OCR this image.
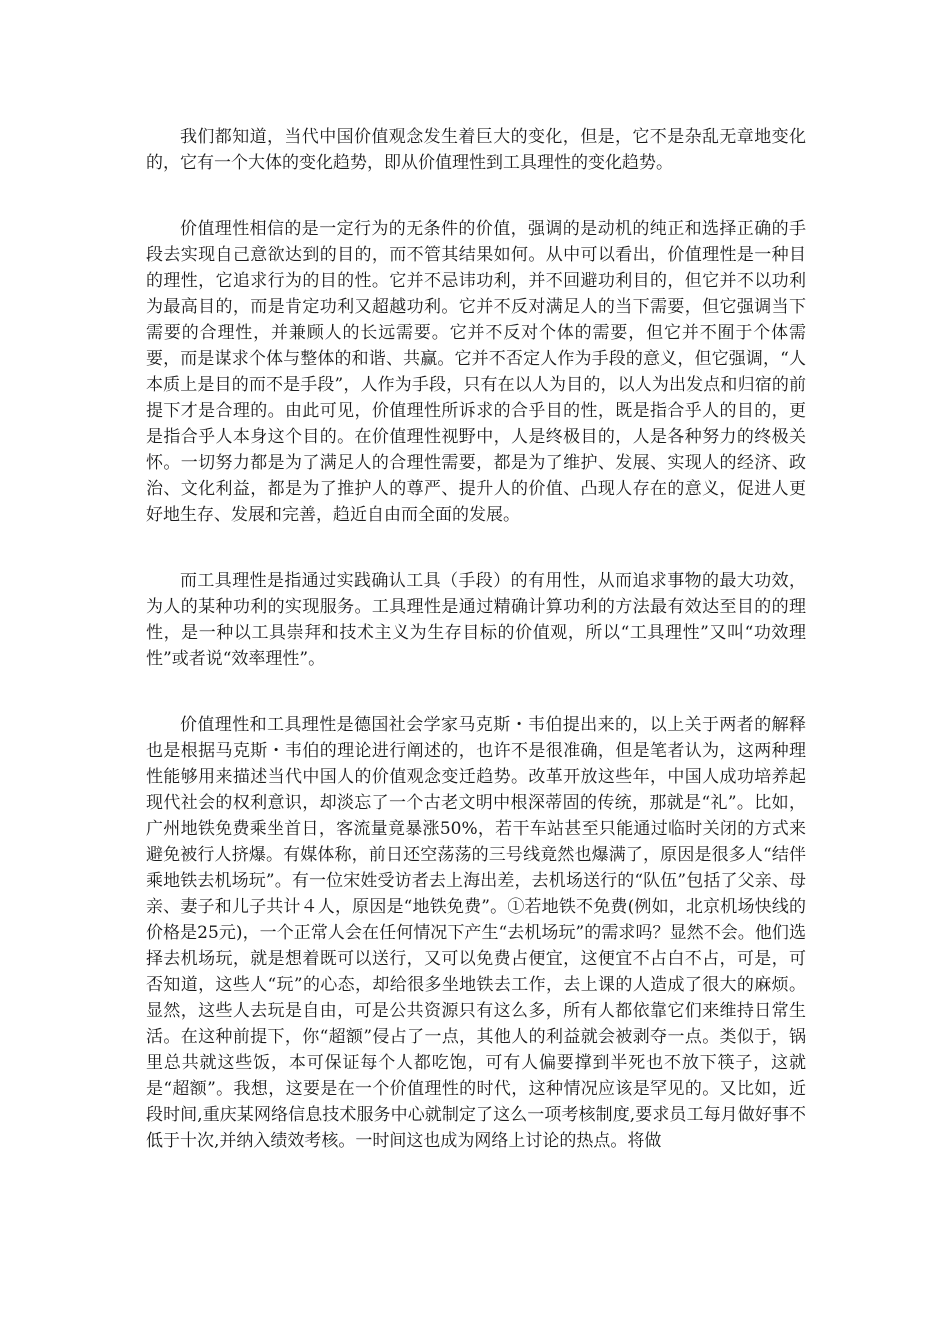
我们都知道，当代中国价值观念发生着巨大的变化，但是，它不是杂乱无章地变化的，它有一个大体的变化趋势，即从价值理性到工具理性的变化趋势。

价值理性相信的是一定行为的无条件的价值，强调的是动机的纯正和选择正确的手段去实现自己意欲达到的目的，而不管其结果如何。从中可以看出，价值理性是一种目的理性，它追求行为的目的性。它并不忌讳功利，并不回避功利目的，但它并不以功利为最高目的，而是肯定功利又超越功利。它并不反对满足人的当下需要，但它强调当下需要的合理性，并兼顾人的长远需要。它并不反对个体的需要，但它并不囿于个体需要，而是谋求个体与整体的和谐、共赢。它并不否定人作为手段的意义，但它强调，“人本质上是目的而不是手段”，人作为手段，只有在以人为目的，以人为出发点和归宿的前提下才是合理的。由此可见，价值理性所诉求的合乎目的性，既是指合乎人的目的，更是指合乎人本身这个目的。在价值理性视野中，人是终极目的，人是各种努力的终极关怀。一切努力都是为了满足人的合理性需要，都是为了维护、发展、实现人的经济、政治、文化利益，都是为了推护人的尊严、提升人的价值、凸现人存在的意义，促进人更好地生存、发展和完善，趋近自由而全面的发展。

而工具理性是指通过实践确认工具（手段）的有用性，从而追求事物的最大功效，为人的某种功利的实现服务。工具理性是通过精确计算功利的方法最有效达至目的的理性，是一种以工具崇拜和技术主义为生存目标的价值观，所以“工具理性”又叫“功效理性”或者说“效率理性”。

价值理性和工具理性是德国社会学家马克斯・韦伯提出来的，以上关于两者的解释也是根据马克斯・韦伯的理论进行阐述的，也许不是很准确，但是笔者认为，这两种理性能够用来描述当代中国人的价值观念变迁趋势。改革开放这些年，中国人成功培养起现代社会的权利意识，却淡忘了一个古老文明中根深蒂固的传统，那就是“礼”。比如，广州地铁免费乘坐首日，客流量竟暴涨50%，若干车站甚至只能通过临时关闭的方式来避免被行人挤爆。有媒体称，前日还空荡荡的三号线竟然也爆满了，原因是很多人“结伴乘地铁去机场玩”。有一位宋姓受访者去上海出差，去机场送行的“队伍”包括了父亲、母亲、妻子和儿子共计４人，原因是“地铁免费”。①若地铁不免费(例如，北京机场快线的价格是25元)，一个正常人会在任何情况下产生“去机场玩”的需求吗？显然不会。他们选择去机场玩，就是想着既可以送行，又可以免费占便宜，这便宜不占白不占，可是，可否知道，这些人“玩”的心态，却给很多坐地铁去工作，去上课的人造成了很大的麻烦。显然，这些人去玩是自由，可是公共资源只有这么多，所有人都依靠它们来维持日常生活。在这种前提下，你“超额”侵占了一点，其他人的利益就会被剥夺一点。类似于，锅里总共就这些饭，本可保证每个人都吃饱，可有人偏要撑到半死也不放下筷子，这就是“超额”。我想，这要是在一个价值理性的时代，这种情况应该是罕见的。又比如，近段时间,重庆某网络信息技术服务中心就制定了这么一项考核制度,要求员工每月做好事不低于十次,并纳入绩效考核。一时间这也成为网络上讨论的热点。将做
